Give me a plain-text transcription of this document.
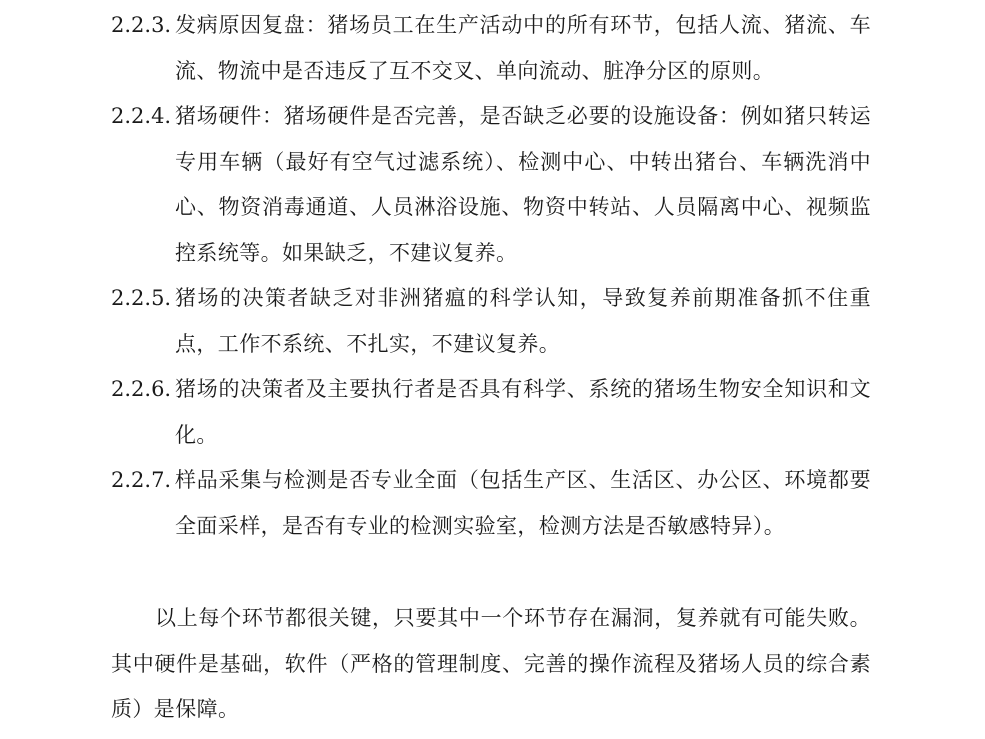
2.2.3. 发病原因复盘：猪场员工在生产活动中的所有环节，包括人流、猪流、车流、物流中是否违反了互不交叉、单向流动、脏净分区的原则。
2.2.4. 猪场硬件：猪场硬件是否完善，是否缺乏必要的设施设备：例如猪只转运专用车辆（最好有空气过滤系统）、检测中心、中转出猪台、车辆洗消中心、物资消毒通道、人员淋浴设施、物资中转站、人员隔离中心、视频监控系统等。如果缺乏，不建议复养。
2.2.5. 猪场的决策者缺乏对非洲猪瘟的科学认知，导致复养前期准备抓不住重点，工作不系统、不扎实，不建议复养。
2.2.6. 猪场的决策者及主要执行者是否具有科学、系统的猪场生物安全知识和文化。
2.2.7. 样品采集与检测是否专业全面（包括生产区、生活区、办公区、环境都要全面采样，是否有专业的检测实验室，检测方法是否敏感特异）。

以上每个环节都很关键，只要其中一个环节存在漏洞，复养就有可能失败。其中硬件是基础，软件（严格的管理制度、完善的操作流程及猪场人员的综合素质）是保障。
